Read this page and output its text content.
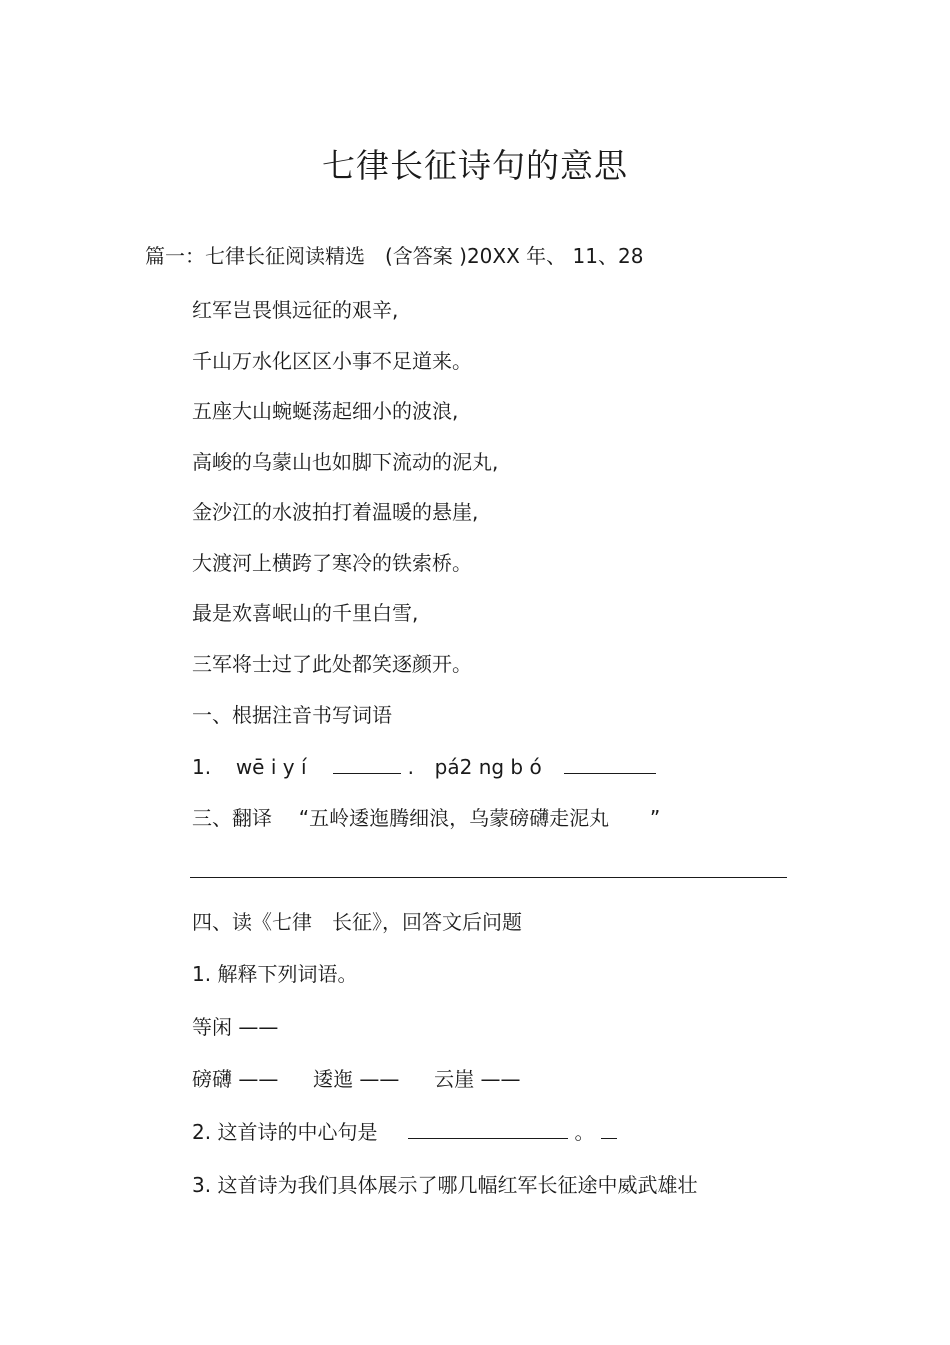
七律长征诗句的意思
篇一：七律长征阅读精选　(含答案 )20XX 年、 11、28
红军岂畏惧远征的艰辛,
千山万水化区区小事不足道来。
五座大山蜿蜒荡起细小的波浪,
高峻的乌蒙山也如脚下流动的泥丸,
金沙江的水波拍打着温暖的悬崖,
大渡河上横跨了寒冷的铁索桥。
最是欢喜岷山的千里白雪,
三军将士过了此处都笑逐颜开。
一、根据注音书写词语
1. wē i y í	. pá2 ng b ó
三、翻译 “五岭逶迤腾细浪，乌蒙磅礴走泥丸 ”
四、读《七律　长征》，回答文后问题
1. 解释下列词语。
等闲 ——
磅礴 —— 逶迤 —— 云崖 ——
2. 这首诗的中心句是	。
3. 这首诗为我们具体展示了哪几幅红军长征途中威武雄壮
